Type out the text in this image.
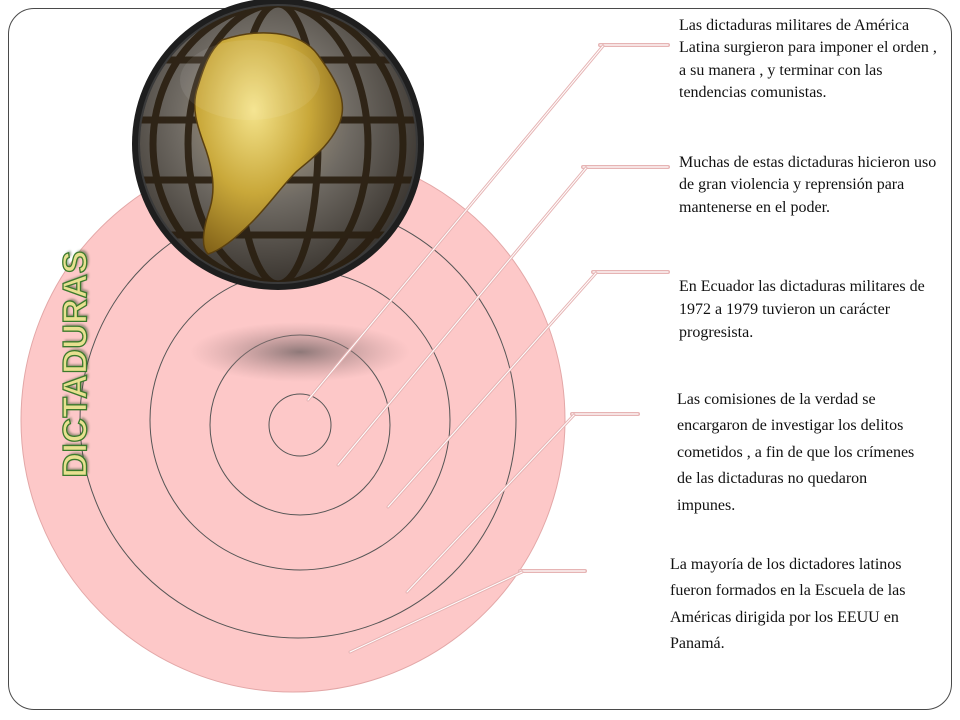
DICTADURAS
Las dictaduras militares de América Latina surgieron para imponer el orden , a su manera , y terminar con las tendencias comunistas.
Muchas de estas dictaduras hicieron uso de gran violencia y reprensión para mantenerse en el poder.
En Ecuador las dictaduras militares de 1972 a 1979 tuvieron un carácter progresista.
Las comisiones de la verdad se encargaron de investigar los delitos cometidos , a fin de que los crímenes de las dictaduras no quedaron impunes.
La mayoría de los dictadores latinos fueron formados en la Escuela de las Américas dirigida por los EEUU en Panamá.
